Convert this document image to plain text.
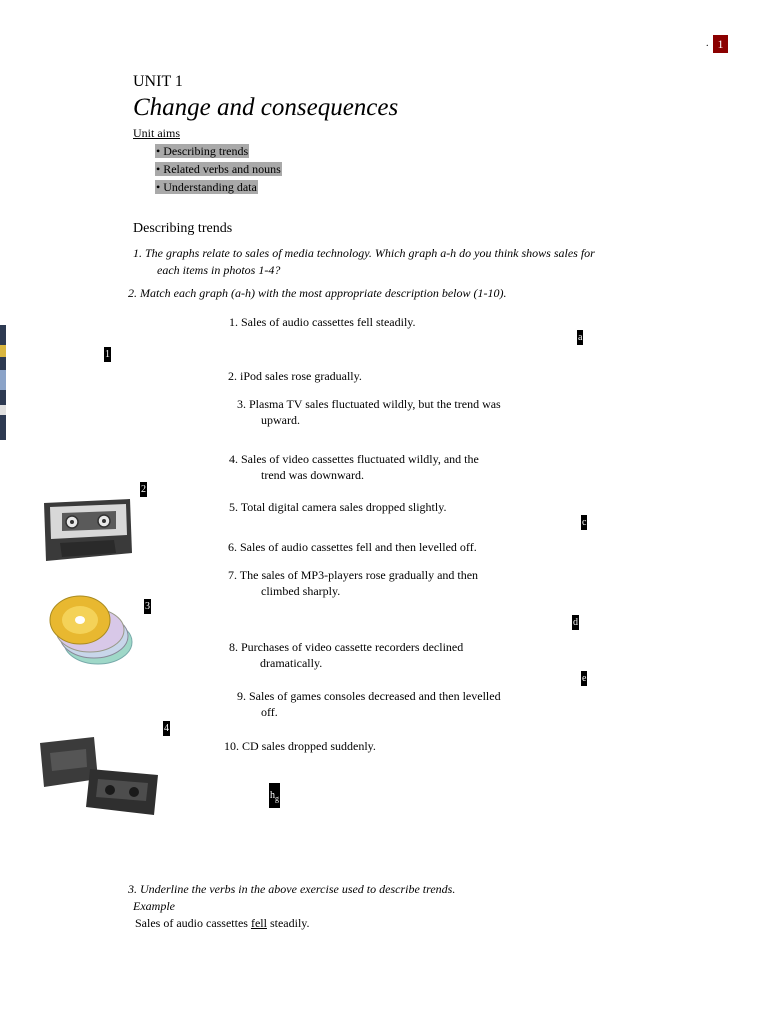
. 1
UNIT 1
Change and consequences
Unit aims
• Describing trends
• Related verbs and nouns
• Understanding data
Describing trends
1. The graphs relate to sales of media technology. Which graph a-h do you think shows sales for
each items in photos 1-4?
2. Match each graph (a-h) with the most appropriate description below (1-10).
1. Sales of audio cassettes fell steadily.
2. iPod sales rose gradually.
3. Plasma TV sales fluctuated wildly, but the trend was
upward.
4. Sales of video cassettes fluctuated wildly, and the
trend was downward.
5. Total digital camera sales dropped slightly.
6. Sales of audio cassettes fell and then levelled off.
7. The sales of MP3-players rose gradually and then
climbed sharply.
8. Purchases of video cassette recorders declined
dramatically.
9. Sales of games consoles decreased and then levelled
off.
10. CD sales dropped suddenly.
1
2
3
4
a
c
d
e
$h_g$
3. Underline the verbs in the above exercise used to describe trends.
Example
Sales of audio cassettes fell steadily.
